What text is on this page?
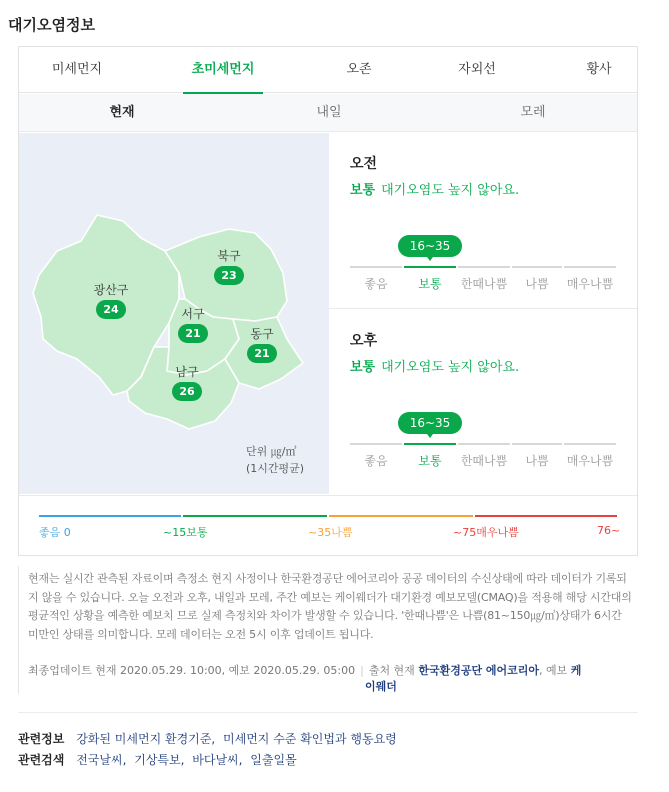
대기오염정보
미세먼지	초미세먼지	오존	자외선	황사
현재	내일	모레
광산구
24
북구
23
서구
21	동구
21
남구
26
단위 ㎍/㎥
(1시간평균)
오전
보통 대기오염도 높지 않아요.
16~35
좋음	보통	한때나쁨	나쁨	매우나쁨
오후
보통 대기오염도 높지 않아요.
16~35
좋음	보통	한때나쁨	나쁨	매우나쁨
좋음 0	~15보통	~35나쁨	~75매우나쁨	76~
현재는 실시간 관측된 자료이며 측정소 현지 사정이나 한국환경공단 에어코리아 공공 데이터의 수신상태에 따라 데이터가 기록되지 않을 수 있습니다. 오늘 오전과 오후, 내일과 모레, 주간 예보는 케이웨더가 대기환경 예보모델(CMAQ)을 적용해 해당 시간대의 평균적인 상황을 예측한 예보치 므로 실제 측정치와 차이가 발생할 수 있습니다. '한때나쁨'은 나쁨(81~150㎍/㎥)상태가 6시간 미만인 상태를 의미합니다. 모레 데이터는 오전 5시 이후 업데이트 됩니다.
최종업데이트 현재 2020.05.29. 10:00, 예보 2020.05.29. 05:00 | 출처 현재 한국환경공단 에어코리아, 예보 케
이웨더
관련정보 강화된 미세먼지 환경기준, 미세먼지 수준 확인법과 행동요령
관련검색 전국날씨, 기상특보, 바다날씨, 일출일몰
